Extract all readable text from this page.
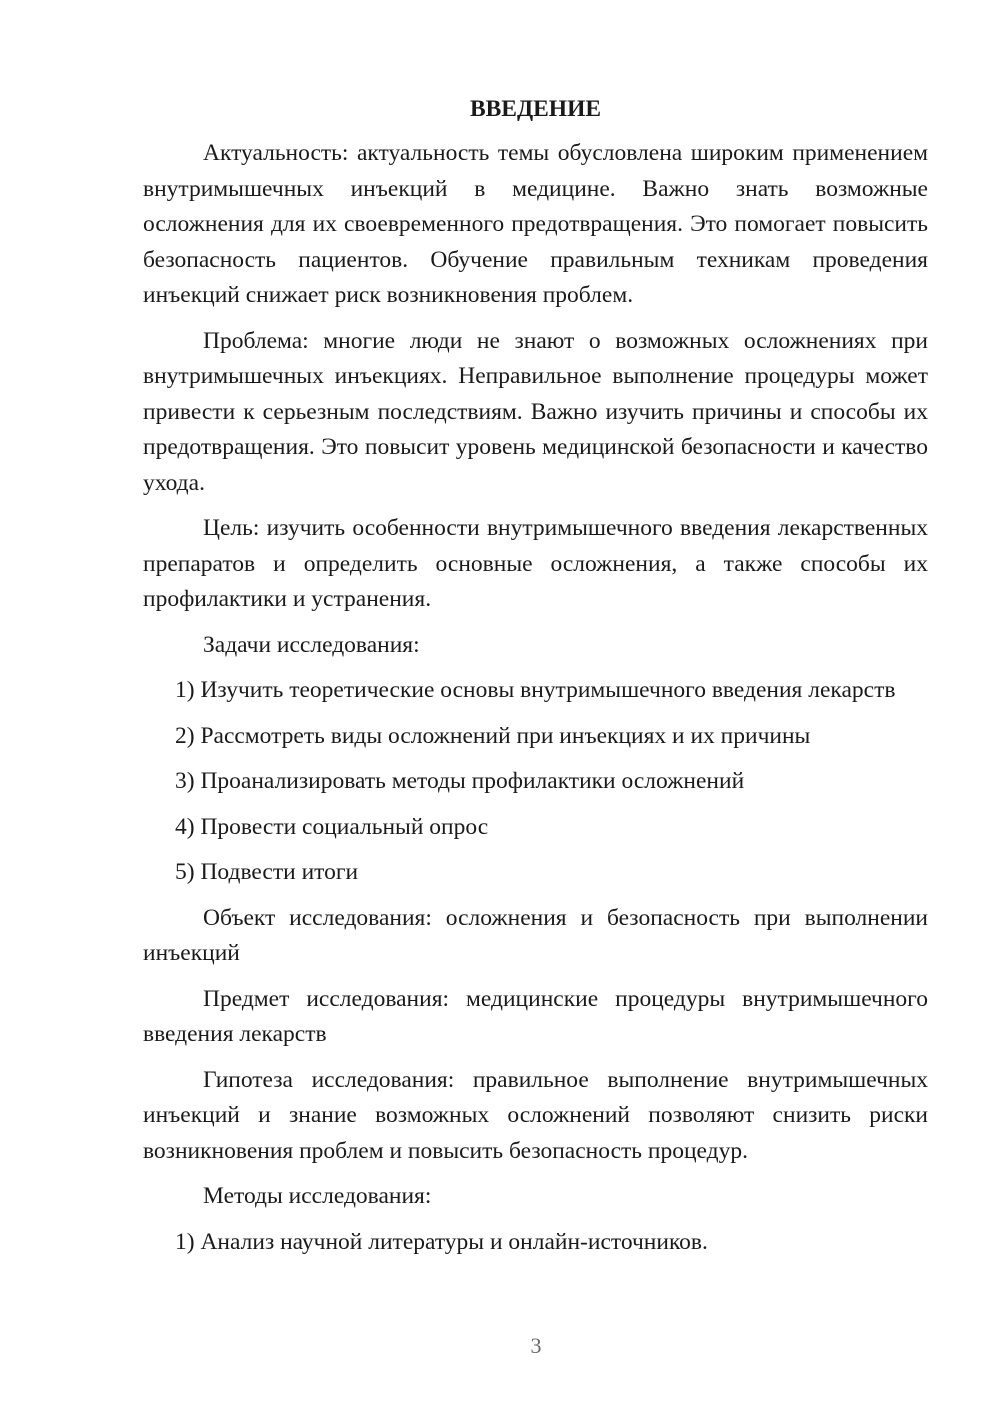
ВВЕДЕНИЕ

Актуальность: актуальность темы обусловлена широким применением внутримышечных инъекций в медицине. Важно знать возможные осложнения для их своевременного предотвращения. Это помогает повысить безопасность пациентов. Обучение правильным техникам проведения инъекций снижает риск возникновения проблем.

Проблема: многие люди не знают о возможных осложнениях при внутримышечных инъекциях. Неправильное выполнение процедуры может привести к серьезным последствиям. Важно изучить причины и способы их предотвращения. Это повысит уровень медицинской безопасности и качество ухода.

Цель: изучить особенности внутримышечного введения лекарственных препаратов и определить основные осложнения, а также способы их профилактики и устранения.

Задачи исследования:

1) Изучить теоретические основы внутримышечного введения лекарств

2) Рассмотреть виды осложнений при инъекциях и их причины

3) Проанализировать методы профилактики осложнений

4) Провести социальный опрос

5) Подвести итоги

Объект исследования: осложнения и безопасность при выполнении инъекций

Предмет исследования: медицинские процедуры внутримышечного введения лекарств

Гипотеза исследования: правильное выполнение внутримышечных инъекций и знание возможных осложнений позволяют снизить риски возникновения проблем и повысить безопасность процедур.

Методы исследования:

1) Анализ научной литературы и онлайн-источников.

3
